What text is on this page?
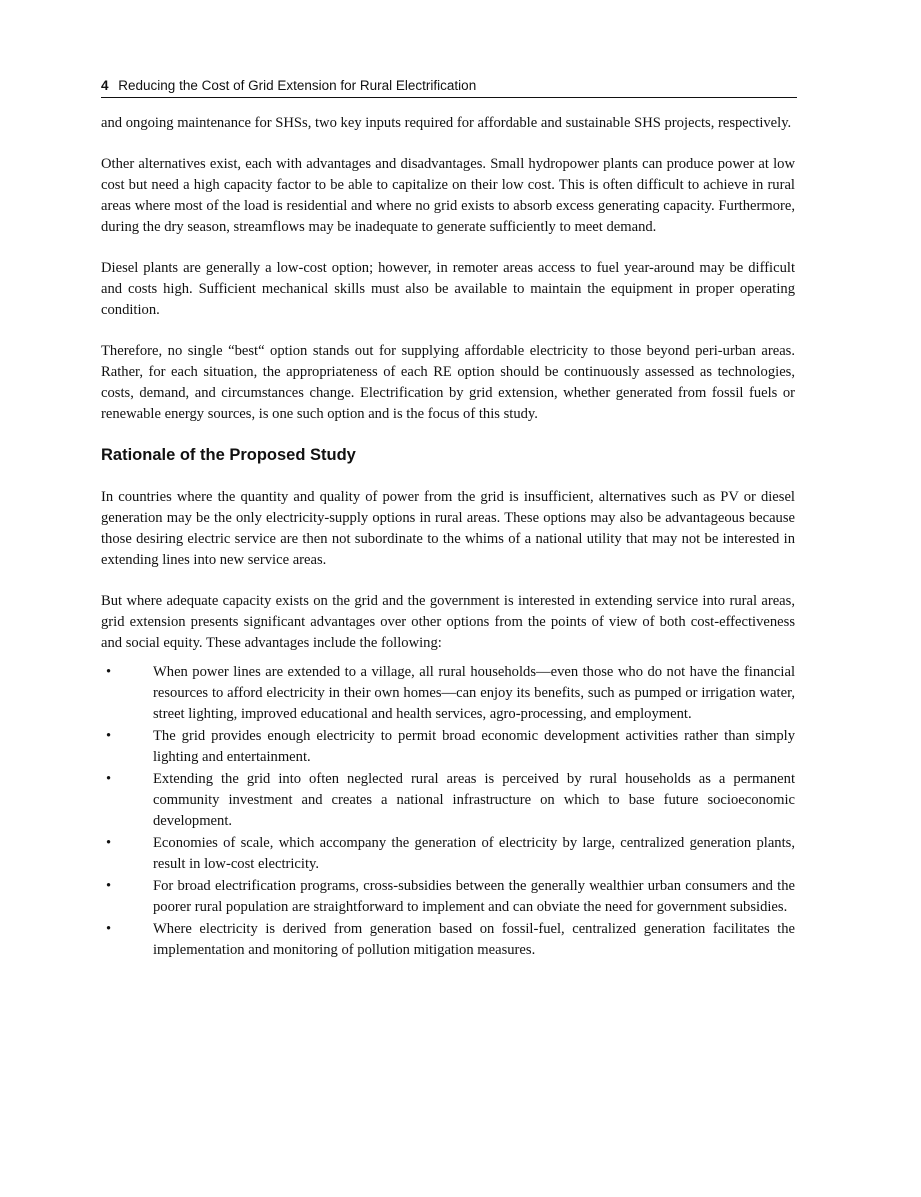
4 Reducing the Cost of Grid Extension for Rural Electrification

and ongoing maintenance for SHSs, two key inputs required for affordable and sustainable SHS projects, respectively.

Other alternatives exist, each with advantages and disadvantages. Small hydropower plants can produce power at low cost but need a high capacity factor to be able to capitalize on their low cost. This is often difficult to achieve in rural areas where most of the load is residential and where no grid exists to absorb excess generating capacity. Furthermore, during the dry season, streamflows may be inadequate to generate sufficiently to meet demand.

Diesel plants are generally a low-cost option; however, in remoter areas access to fuel year-around may be difficult and costs high. Sufficient mechanical skills must also be available to maintain the equipment in proper operating condition.

Therefore, no single “best“ option stands out for supplying affordable electricity to those beyond peri-urban areas. Rather, for each situation, the appropriateness of each RE option should be continuously assessed as technologies, costs, demand, and circumstances change. Electrification by grid extension, whether generated from fossil fuels or renewable energy sources, is one such option and is the focus of this study.

Rationale of the Proposed Study

In countries where the quantity and quality of power from the grid is insufficient, alternatives such as PV or diesel generation may be the only electricity-supply options in rural areas. These options may also be advantageous because those desiring electric service are then not subordinate to the whims of a national utility that may not be interested in extending lines into new service areas.

But where adequate capacity exists on the grid and the government is interested in extending service into rural areas, grid extension presents significant advantages over other options from the points of view of both cost-effectiveness and social equity. These advantages include the following:

•	When power lines are extended to a village, all rural households—even those who do not have the financial resources to afford electricity in their own homes—can enjoy its benefits, such as pumped or irrigation water, street lighting, improved educational and health services, agro-processing, and employment.
•	The grid provides enough electricity to permit broad economic development activities rather than simply lighting and entertainment.
•	Extending the grid into often neglected rural areas is perceived by rural households as a permanent community investment and creates a national infrastructure on which to base future socioeconomic development.
•	Economies of scale, which accompany the generation of electricity by large, centralized generation plants, result in low-cost electricity.
•	For broad electrification programs, cross-subsidies between the generally wealthier urban consumers and the poorer rural population are straightforward to implement and can obviate the need for government subsidies.
•	Where electricity is derived from generation based on fossil-fuel, centralized generation facilitates the implementation and monitoring of pollution mitigation measures.
